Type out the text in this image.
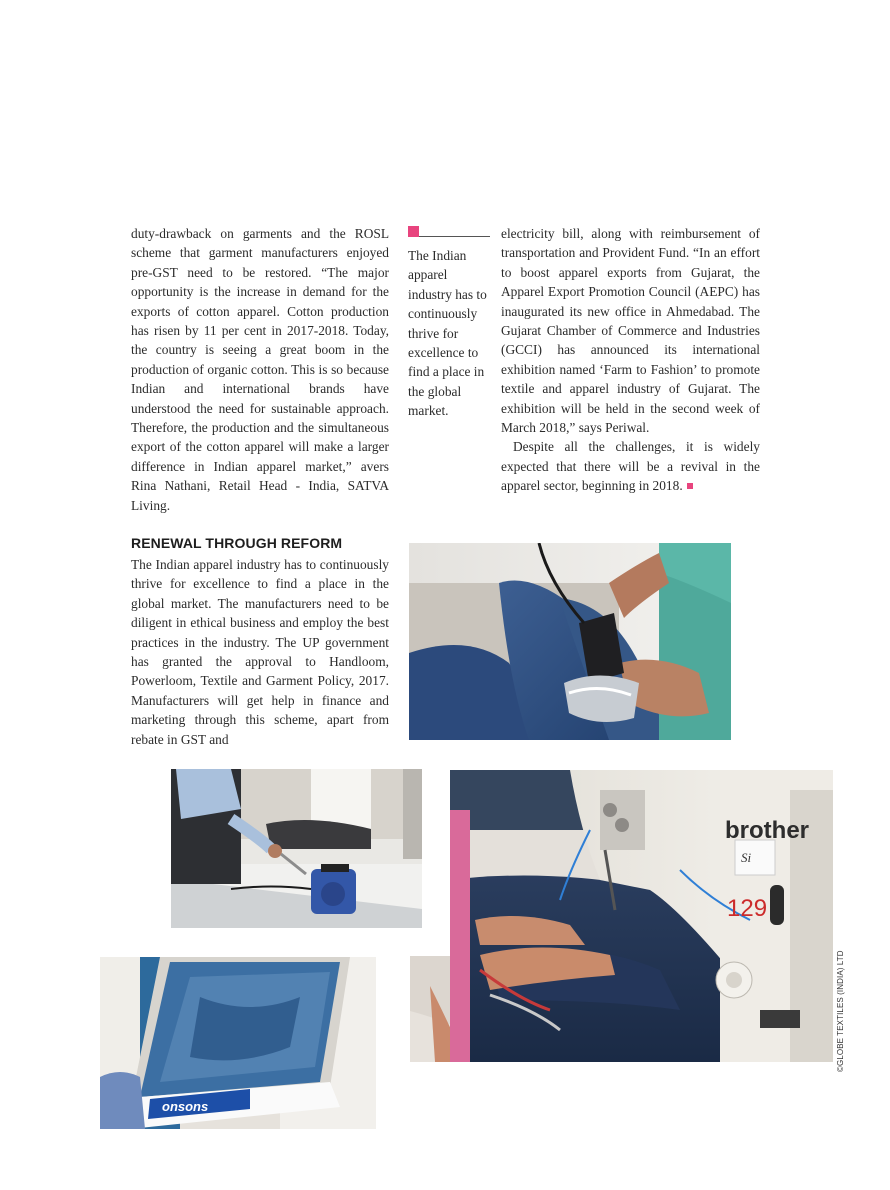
duty-drawback on garments and the ROSL scheme that garment manufacturers enjoyed pre-GST need to be restored. “The major opportunity is the increase in demand for the exports of cotton apparel. Cotton production has risen by 11 per cent in 2017-2018. Today, the country is seeing a great boom in the production of organic cotton. This is so because Indian and international brands have understood the need for sustainable approach. Therefore, the production and the simultaneous export of the cotton apparel will make a larger difference in Indian apparel market,” avers Rina Nathani, Retail Head - India, SATVA Living.

The Indian apparel industry has to continuously thrive for excellence to find a place in the global market.

electricity bill, along with reimbursement of transportation and Provident Fund. “In an effort to boost apparel exports from Gujarat, the Apparel Export Promotion Council (AEPC) has inaugurated its new office in Ahmedabad. The Gujarat Chamber of Commerce and Industries (GCCI) has announced its international exhibition named ‘Farm to Fashion’ to promote textile and apparel industry of Gujarat. The exhibition will be held in the second week of March 2018,” says Periwal.

Despite all the challenges, it is widely expected that there will be a revival in the apparel sector, beginning in 2018.

RENEWAL THROUGH REFORM

The Indian apparel industry has to continuously thrive for excellence to find a place in the global market. The manufacturers need to be diligent in ethical business and employ the best practices in the industry. The UP government has granted the approval to Handloom, Powerloom, Textile and Garment Policy, 2017. Manufacturers will get help in finance and marketing through this scheme, apart from rebate in GST and

brother
Si
129
onsons
©GLOBE TEXTILES (INDIA) LTD
